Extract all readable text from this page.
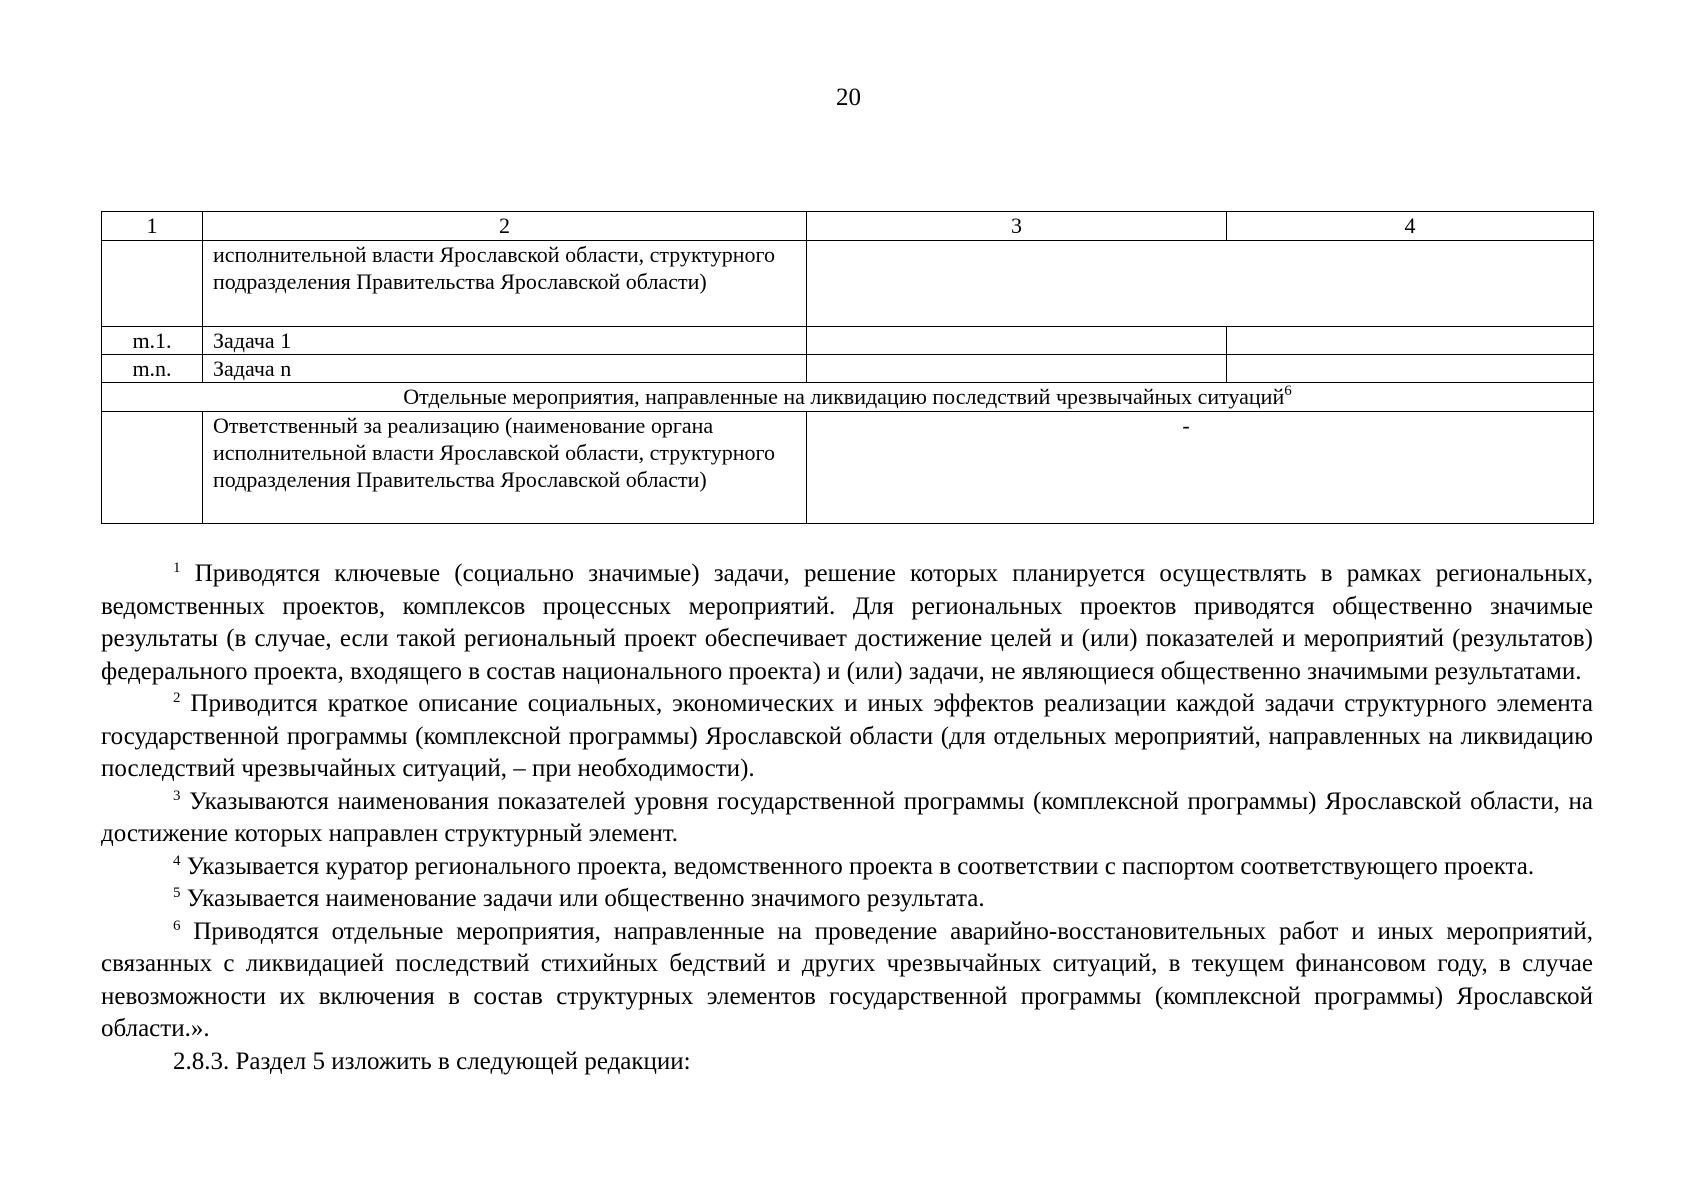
20
1	2	3	4
	исполнительной власти Ярославской области, структурного подразделения Правительства Ярославской области)		
m.1.	Задача 1		
m.n.	Задача n		
Отдельные мероприятия, направленные на ликвидацию последствий чрезвычайных ситуаций$^6$
	Ответственный за реализацию (наименование органа исполнительной власти Ярославской области, структурного подразделения Правительства Ярославской области)	-	

$^1$ Приводятся ключевые (социально значимые) задачи, решение которых планируется осуществлять в рамках региональных, ведомственных проектов, комплексов процессных мероприятий. Для региональных проектов приводятся общественно значимые результаты (в случае, если такой региональный проект обеспечивает достижение целей и (или) показателей и мероприятий (результатов) федерального проекта, входящего в состав национального проекта) и (или) задачи, не являющиеся общественно значимыми результатами.

$^2$ Приводится краткое описание социальных, экономических и иных эффектов реализации каждой задачи структурного элемента государственной программы (комплексной программы) Ярославской области (для отдельных мероприятий, направленных на ликвидацию последствий чрезвычайных ситуаций, – при необходимости).

$^3$ Указываются наименования показателей уровня государственной программы (комплексной программы) Ярославской области, на достижение которых направлен структурный элемент.

$^4$ Указывается куратор регионального проекта, ведомственного проекта в соответствии с паспортом соответствующего проекта.

$^5$ Указывается наименование задачи или общественно значимого результата.

$^6$ Приводятся отдельные мероприятия, направленные на проведение аварийно-восстановительных работ и иных мероприятий, связанных с ликвидацией последствий стихийных бедствий и других чрезвычайных ситуаций, в текущем финансовом году, в случае невозможности их включения в состав структурных элементов государственной программы (комплексной программы) Ярославской области.».

2.8.3. Раздел 5 изложить в следующей редакции:
